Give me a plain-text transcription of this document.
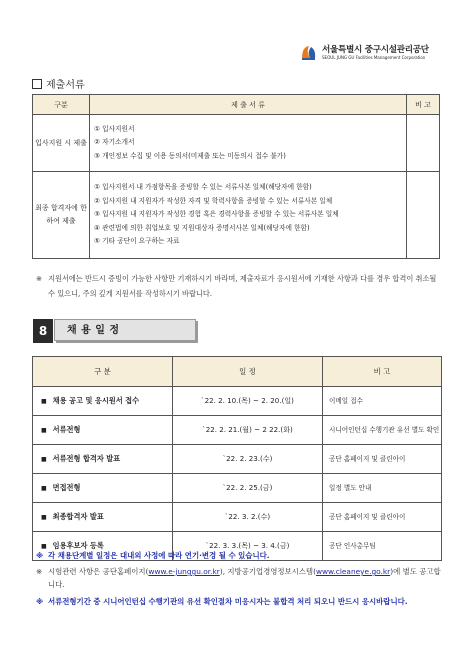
서울특별시 중구시설관리공단
SEOUL JUNG GU Facilities Management Corporation
제출서류
구분	제 출 서 류	비 고
입사지원 시 제출	① 입사지원서
② 자기소개서
③ 개인정보 수집 및 이용 동의서(미제출 또는 미동의시 접수 불가)	

최종 합격자에 한하여 제출	① 입사지원서 내 가점항목을 증빙할 수 있는 서류사본 일체(해당자에 한함)
② 입사지원 내 지원자가 작성한 자격 및 학력사항을 증빙할 수 있는 서류사본 일체
③ 입사지원 내 지원자가 작성한 경험 혹은 경력사항을 증빙할 수 있는 서류사본 일체
④ 관련법에 의한 취업보호 및 지원대상자 증명서사본 일체(해당자에 한함)
⑤ 기타 공단이 요구하는 자료	

※ 지원서에는 반드시 증빙이 가능한 사항만 기재하시기 바라며, 제출자료가 응시원서에 기재한 사항과 다를 경우 합격이 취소될 수 있으니, 주의 깊게 지원서를 작성하시기 바랍니다.
8	채 용 일 정
구 분	일 정	비 고
■ 채용 공고 및 응시원서 접수	`22. 2. 10.(목) ~ 2. 20.(일)	이메일 접수
■ 서류전형	`22. 2. 21.(월) ~ 2 22.(화)	시니어인턴십 수행기관 유선 별도 확인
■ 서류전형 합격자 발표	`22. 2. 23.(수)	공단 홈페이지 및 클린아이
■ 면접전형	`22. 2. 25.(금)	일정 별도 안내
■ 최종합격자 발표	`22. 3. 2.(수)	공단 홈페이지 및 클린아이
■ 임용후보자 등록	`22. 3. 3.(목) ~ 3. 4.(금)	공단 인사총무팀
※ 각 채용단계별 일정은 대내외 사정에 따라 연기·변경 될 수 있습니다.
※ 시험관련 사항은 공단홈페이지(www.e-junggu.or.kr), 지방공기업경영정보시스템(www.cleaneye.go.kr)에 별도 공고합니다.
※ 서류전형기간 중 시니어인턴십 수행기관의 유선 확인절차 미응시자는 불합격 처리 되오니 반드시 응시바랍니다.
